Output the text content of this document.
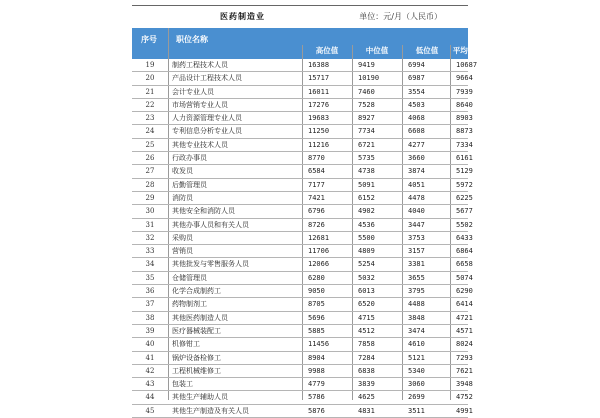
医药制造业	单位：元/月（人民币）
序号 职位名称
高位值	中位值	低位值	平均值
19	制药工程技术人员	16388	9419	6994	10687
20	产品设计工程技术人员	15717	10190	6987	9664
21	会计专业人员	16011	7460	3554	7939
22	市场营销专业人员	17276	7528	4503	8640
23	人力资源管理专业人员	19683	8927	4068	8903
24	专利信息分析专业人员	11250	7734	6608	8873
25	其他专业技术人员	11216	6721	4277	7334
26	行政办事员	8770	5735	3660	6161
27	收发员	6584	4738	3874	5129
28	后勤管理员	7177	5091	4051	5972
29	消防员	7421	6152	4478	6225
30	其他安全和消防人员	6796	4902	4040	5677
31	其他办事人员和有关人员	8726	4536	3447	5502
32	采购员	12681	5500	3753	6433
33	营销员	11706	4809	3157	6864
34	其他批发与零售服务人员	12066	5254	3381	6658
35	仓储管理员	6280	5032	3655	5074
36	化学合成制药工	9050	6013	3795	6290
37	药物制剂工	8705	6520	4488	6414
38	其他医药制造人员	5696	4715	3848	4721
39	医疗器械装配工	5885	4512	3474	4571
40	机修钳工	11456	7858	4610	8024
41	锅炉设备检修工	8904	7284	5121	7293
42	工程机械维修工	9988	6838	5340	7621
43	包装工	4779	3839	3060	3948
44	其他生产辅助人员	5786	4625	2699	4752
45	其他生产制造及有关人员	5876	4831	3511	4991
